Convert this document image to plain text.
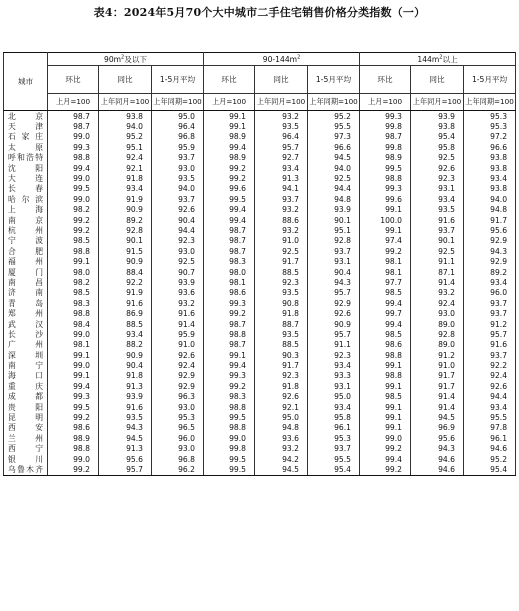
表4：2024年5月70个大中城市二手住宅销售价格分类指数（一）
城市	$90m^2$及以下			$90-144m^2$			$144m^2$以上		
	环比	同比	1-5月平均	环比	同比	1-5月平均	环比	同比	1-5月平均
	上月=100	上年同月=100	上年同期=100	上月=100	上年同月=100	上年同期=100	上月=100	上年同月=100	上年同期=100
北京	98.7	93.8	95.0	99.1	93.2	95.2	99.3	93.9	95.3
天津	98.7	94.0	96.4	99.1	93.5	95.5	99.8	93.8	95.3
石家庄	99.0	95.2	96.8	98.9	96.4	97.3	98.7	95.4	97.2
太原	99.3	95.1	95.9	99.4	95.7	96.6	99.8	95.8	96.6
呼和浩特	98.8	92.4	93.7	98.9	92.7	94.5	98.9	92.5	93.8
沈阳	99.4	92.1	93.0	99.2	93.4	94.0	99.5	92.6	93.8
大连	99.0	91.8	93.5	99.2	91.3	92.5	98.8	92.3	93.4
长春	99.5	93.4	94.0	99.6	94.1	94.4	99.3	93.1	93.8
哈尔滨	99.0	91.9	93.7	99.5	93.7	94.8	99.6	93.4	94.0
上海	98.2	90.9	92.6	99.4	93.2	93.9	99.1	93.5	94.8
南京	99.2	89.2	90.4	99.4	88.6	90.1	100.0	91.6	91.7
杭州	99.2	92.8	94.4	98.7	93.2	95.1	99.1	93.7	95.6
宁波	98.5	90.1	92.3	98.7	91.0	92.8	97.4	90.1	92.9
合肥	98.8	91.5	93.0	98.7	92.5	93.7	99.2	92.5	94.3
福州	99.1	90.9	92.5	98.3	91.7	93.1	98.1	91.1	92.9
厦门	98.0	88.4	90.7	98.0	88.5	90.4	98.1	87.1	89.2
南昌	98.2	92.2	93.9	98.1	92.3	94.3	97.7	91.4	93.4
济南	98.5	91.9	93.6	98.6	93.5	95.7	98.5	93.2	96.0
青岛	98.3	91.6	93.2	99.3	90.8	92.9	99.4	92.4	93.7
郑州	98.8	86.9	91.6	99.2	91.8	92.6	99.7	93.0	93.7
武汉	98.4	88.5	91.4	98.7	88.7	90.9	99.4	89.0	91.2
长沙	99.0	93.4	95.9	98.8	93.5	95.7	98.5	92.8	95.7
广州	98.1	88.2	91.0	98.7	88.5	91.1	98.6	89.0	91.6
深圳	99.1	90.9	92.6	99.1	90.3	92.3	98.8	91.2	93.7
南宁	99.0	90.4	92.4	99.4	91.7	93.4	99.1	91.0	92.2
海口	99.1	91.8	92.9	99.3	92.3	93.3	98.8	91.7	92.4
重庆	99.4	91.3	92.9	99.2	91.8	93.1	99.1	91.7	92.6
成都	99.3	93.9	96.3	98.3	92.6	95.0	98.5	91.4	94.4
贵阳	99.5	91.6	93.0	98.8	92.1	93.4	99.1	91.4	93.4
昆明	99.2	93.5	95.3	99.5	95.0	95.8	99.1	94.5	95.5
西安	98.6	94.3	96.5	98.8	94.8	96.1	99.1	96.9	97.8
兰州	98.9	94.5	96.0	99.0	93.6	95.3	99.0	95.6	96.1
西宁	98.8	91.3	93.0	99.8	93.2	93.7	99.2	94.3	94.6
银川	99.0	95.6	96.8	99.5	94.2	95.5	99.4	94.6	95.2
乌鲁木齐	99.2	95.7	96.2	99.5	94.5	95.4	99.2	94.6	95.4
